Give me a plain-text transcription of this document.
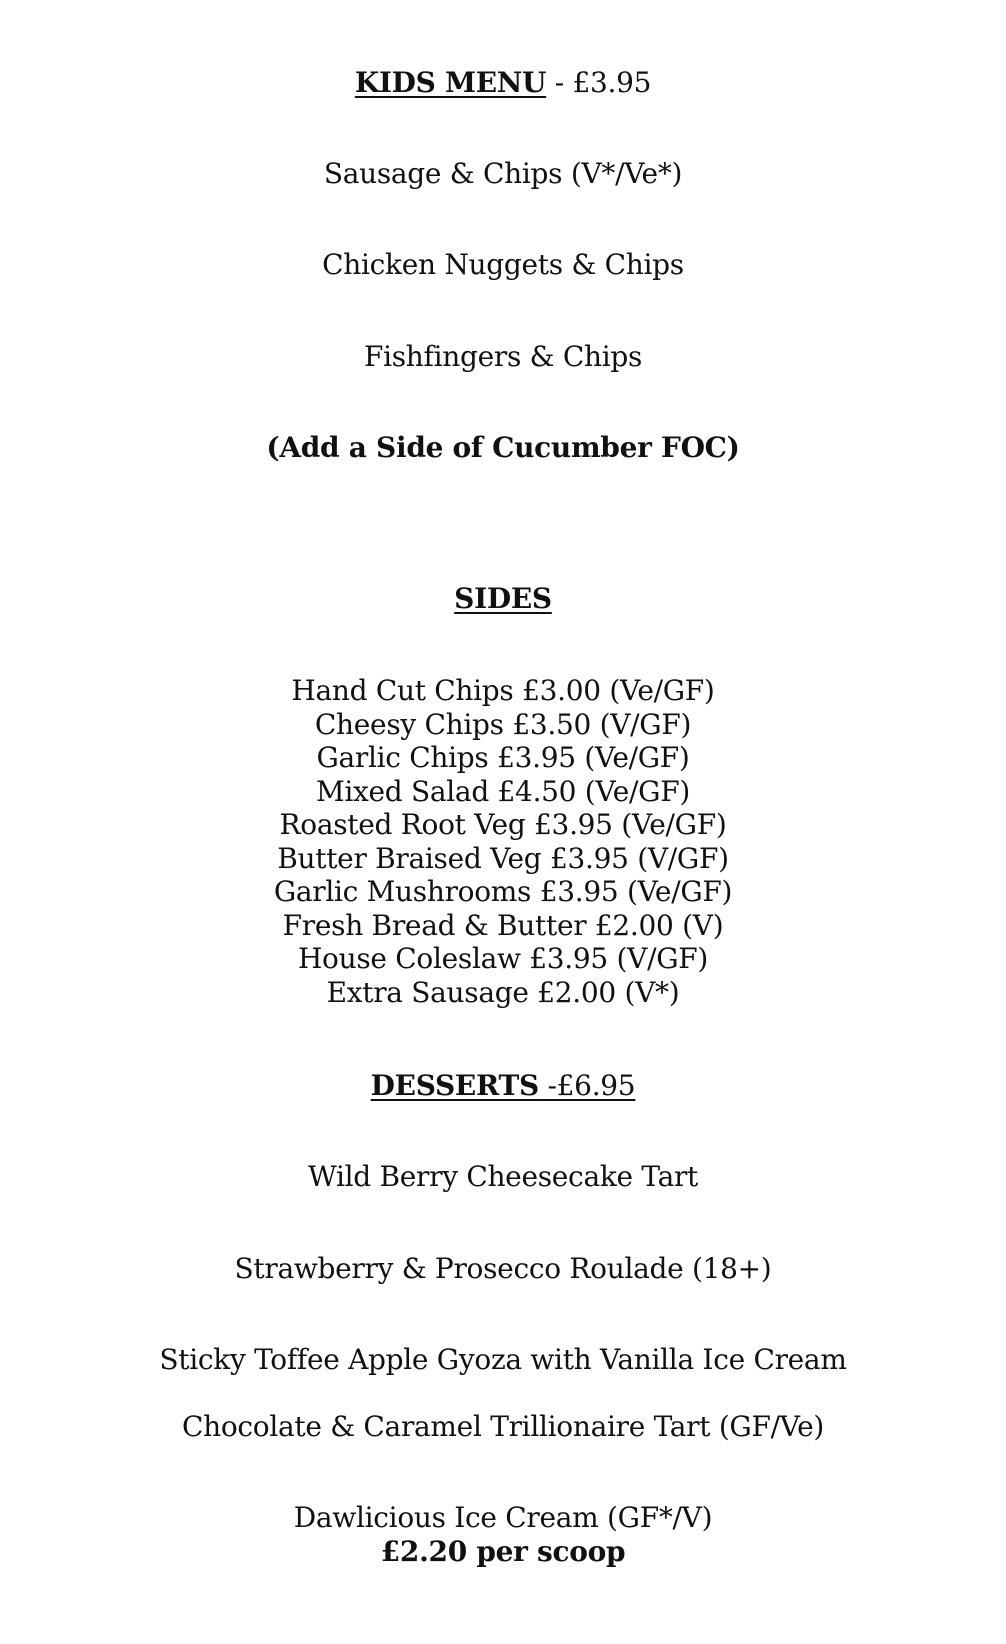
KIDS MENU - £3.95
Sausage & Chips (V*/Ve*)
Chicken Nuggets & Chips
Fishfingers & Chips
(Add a Side of Cucumber FOC)
SIDES
Hand Cut Chips £3.00 (Ve/GF)
Cheesy Chips £3.50 (V/GF)
Garlic Chips £3.95 (Ve/GF)
Mixed Salad £4.50 (Ve/GF)
Roasted Root Veg £3.95 (Ve/GF)
Butter Braised Veg £3.95 (V/GF)
Garlic Mushrooms £3.95 (Ve/GF)
Fresh Bread & Butter £2.00 (V)
House Coleslaw £3.95 (V/GF)
Extra Sausage £2.00 (V*)
DESSERTS -£6.95
Wild Berry Cheesecake Tart
Strawberry & Prosecco Roulade (18+)
Sticky Toffee Apple Gyoza with Vanilla Ice Cream
Chocolate & Caramel Trillionaire Tart (GF/Ve)
Dawlicious Ice Cream (GF*/V)
£2.20 per scoop
